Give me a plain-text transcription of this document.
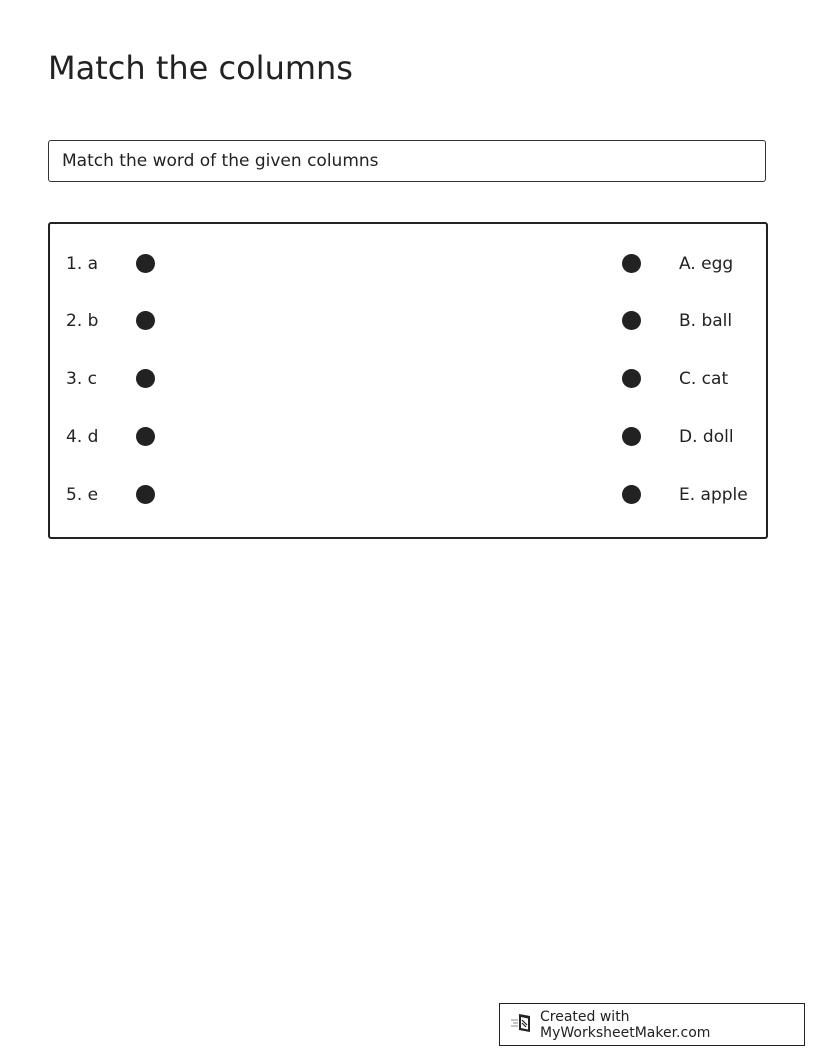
Match the columns
Match the word of the given columns
1. a	A. egg
2. b	B. ball
3. c	C. cat
4. d	D. doll
5. e	E. apple
Created with MyWorksheetMaker.com
